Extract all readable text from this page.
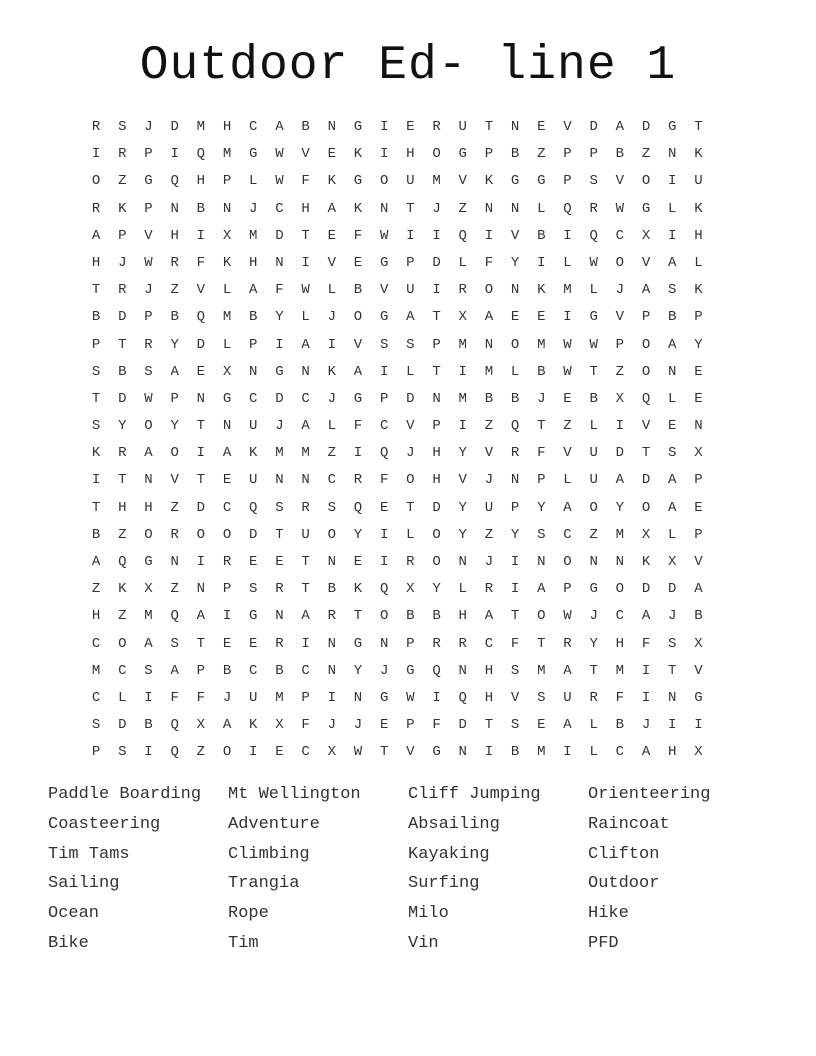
Outdoor Ed- line 1
R	S	J	D	M	H	C	A	B	N	G	I	E	R	U	T	N	E	V	D	A	D	G	T
I	R	P	I	Q	M	G	W	V	E	K	I	H	O	G	P	B	Z	P	P	B	Z	N	K
O	Z	G	Q	H	P	L	W	F	K	G	O	U	M	V	K	G	G	P	S	V	O	I	U
R	K	P	N	B	N	J	C	H	A	K	N	T	J	Z	N	N	L	Q	R	W	G	L	K
A	P	V	H	I	X	M	D	T	E	F	W	I	I	Q	I	V	B	I	Q	C	X	I	H
H	J	W	R	F	K	H	N	I	V	E	G	P	D	L	F	Y	I	L	W	O	V	A	L
T	R	J	Z	V	L	A	F	W	L	B	V	U	I	R	O	N	K	M	L	J	A	S	K
B	D	P	B	Q	M	B	Y	L	J	O	G	A	T	X	A	E	E	I	G	V	P	B	P
P	T	R	Y	D	L	P	I	A	I	V	S	S	P	M	N	O	M	W	W	P	O	A	Y
S	B	S	A	E	X	N	G	N	K	A	I	L	T	I	M	L	B	W	T	Z	O	N	E
T	D	W	P	N	G	C	D	C	J	G	P	D	N	M	B	B	J	E	B	X	Q	L	E
S	Y	O	Y	T	N	U	J	A	L	F	C	V	P	I	Z	Q	T	Z	L	I	V	E	N
K	R	A	O	I	A	K	M	M	Z	I	Q	J	H	Y	V	R	F	V	U	D	T	S	X
I	T	N	V	T	E	U	N	N	C	R	F	O	H	V	J	N	P	L	U	A	D	A	P
T	H	H	Z	D	C	Q	S	R	S	Q	E	T	D	Y	U	P	Y	A	O	Y	O	A	E
B	Z	O	R	O	O	D	T	U	O	Y	I	L	O	Y	Z	Y	S	C	Z	M	X	L	P
A	Q	G	N	I	R	E	E	T	N	E	I	R	O	N	J	I	N	O	N	N	K	X	V
Z	K	X	Z	N	P	S	R	T	B	K	Q	X	Y	L	R	I	A	P	G	O	D	D	A
H	Z	M	Q	A	I	G	N	A	R	T	O	B	B	H	A	T	O	W	J	C	A	J	B
C	O	A	S	T	E	E	R	I	N	G	N	P	R	R	C	F	T	R	Y	H	F	S	X
M	C	S	A	P	B	C	B	C	N	Y	J	G	Q	N	H	S	M	A	T	M	I	T	V
C	L	I	F	F	J	U	M	P	I	N	G	W	I	Q	H	V	S	U	R	F	I	N	G
S	D	B	Q	X	A	K	X	F	J	J	E	P	F	D	T	S	E	A	L	B	J	I	I
P	S	I	Q	Z	O	I	E	C	X	W	T	V	G	N	I	B	M	I	L	C	A	H	X
Paddle Boarding	Mt Wellington	Cliff Jumping	Orienteering
Coasteering	Adventure	Absailing	Raincoat
Tim Tams	Climbing	Kayaking	Clifton
Sailing	Trangia	Surfing	Outdoor
Ocean	Rope	Milo	Hike
Bike	Tim	Vin	PFD
